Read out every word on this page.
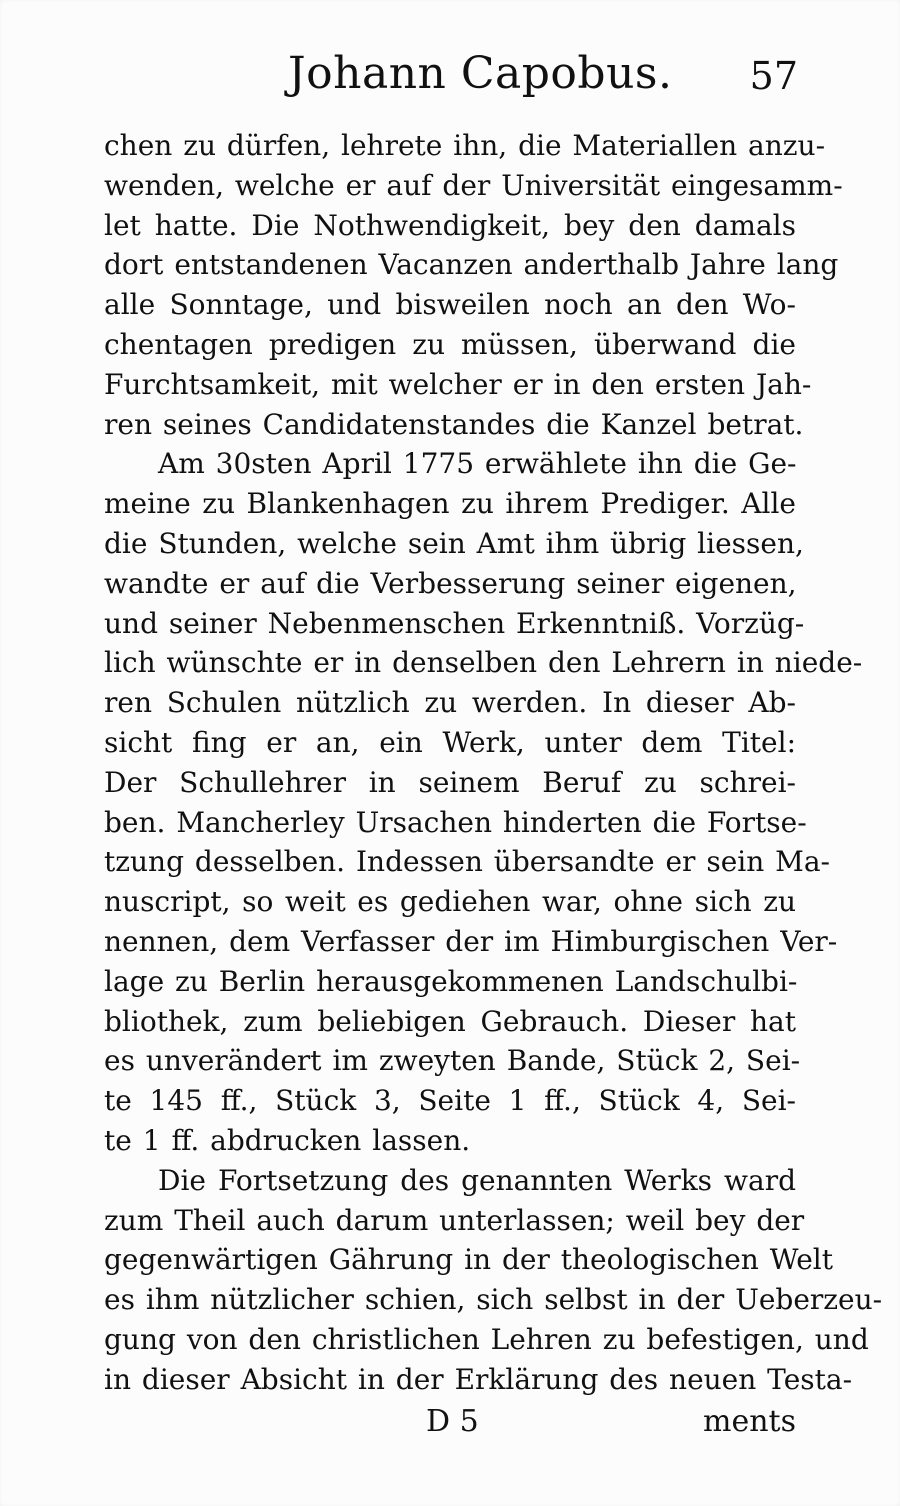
Johann Capobus. 57
chen zu dürfen, lehrete ihn, die Materiallen anzu-
wenden, welche er auf der Universität eingesamm-
let hatte. Die Nothwendigkeit, bey den damals
dort entstandenen Vacanzen anderthalb Jahre lang
alle Sonntage, und bisweilen noch an den Wo-
chentagen predigen zu müssen, überwand die
Furchtsamkeit, mit welcher er in den ersten Jah-
ren seines Candidatenstandes die Kanzel betrat.
Am 30sten April 1775 erwählete ihn die Ge-
meine zu Blankenhagen zu ihrem Prediger. Alle
die Stunden, welche sein Amt ihm übrig liessen,
wandte er auf die Verbesserung seiner eigenen,
und seiner Nebenmenschen Erkenntniß. Vorzüg-
lich wünschte er in denselben den Lehrern in niede-
ren Schulen nützlich zu werden. In dieser Ab-
sicht fing er an, ein Werk, unter dem Titel:
Der Schullehrer in seinem Beruf zu schrei-
ben. Mancherley Ursachen hinderten die Fortse-
tzung desselben. Indessen übersandte er sein Ma-
nuscript, so weit es gediehen war, ohne sich zu
nennen, dem Verfasser der im Himburgischen Ver-
lage zu Berlin herausgekommenen Landschulbi-
bliothek, zum beliebigen Gebrauch. Dieser hat
es unverändert im zweyten Bande, Stück 2, Sei-
te 145 ff., Stück 3, Seite 1 ff., Stück 4, Sei-
te 1 ff. abdrucken lassen.
Die Fortsetzung des genannten Werks ward
zum Theil auch darum unterlassen; weil bey der
gegenwärtigen Gährung in der theologischen Welt
es ihm nützlicher schien, sich selbst in der Ueberzeu-
gung von den christlichen Lehren zu befestigen, und
in dieser Absicht in der Erklärung des neuen Testa-
D 5	ments
